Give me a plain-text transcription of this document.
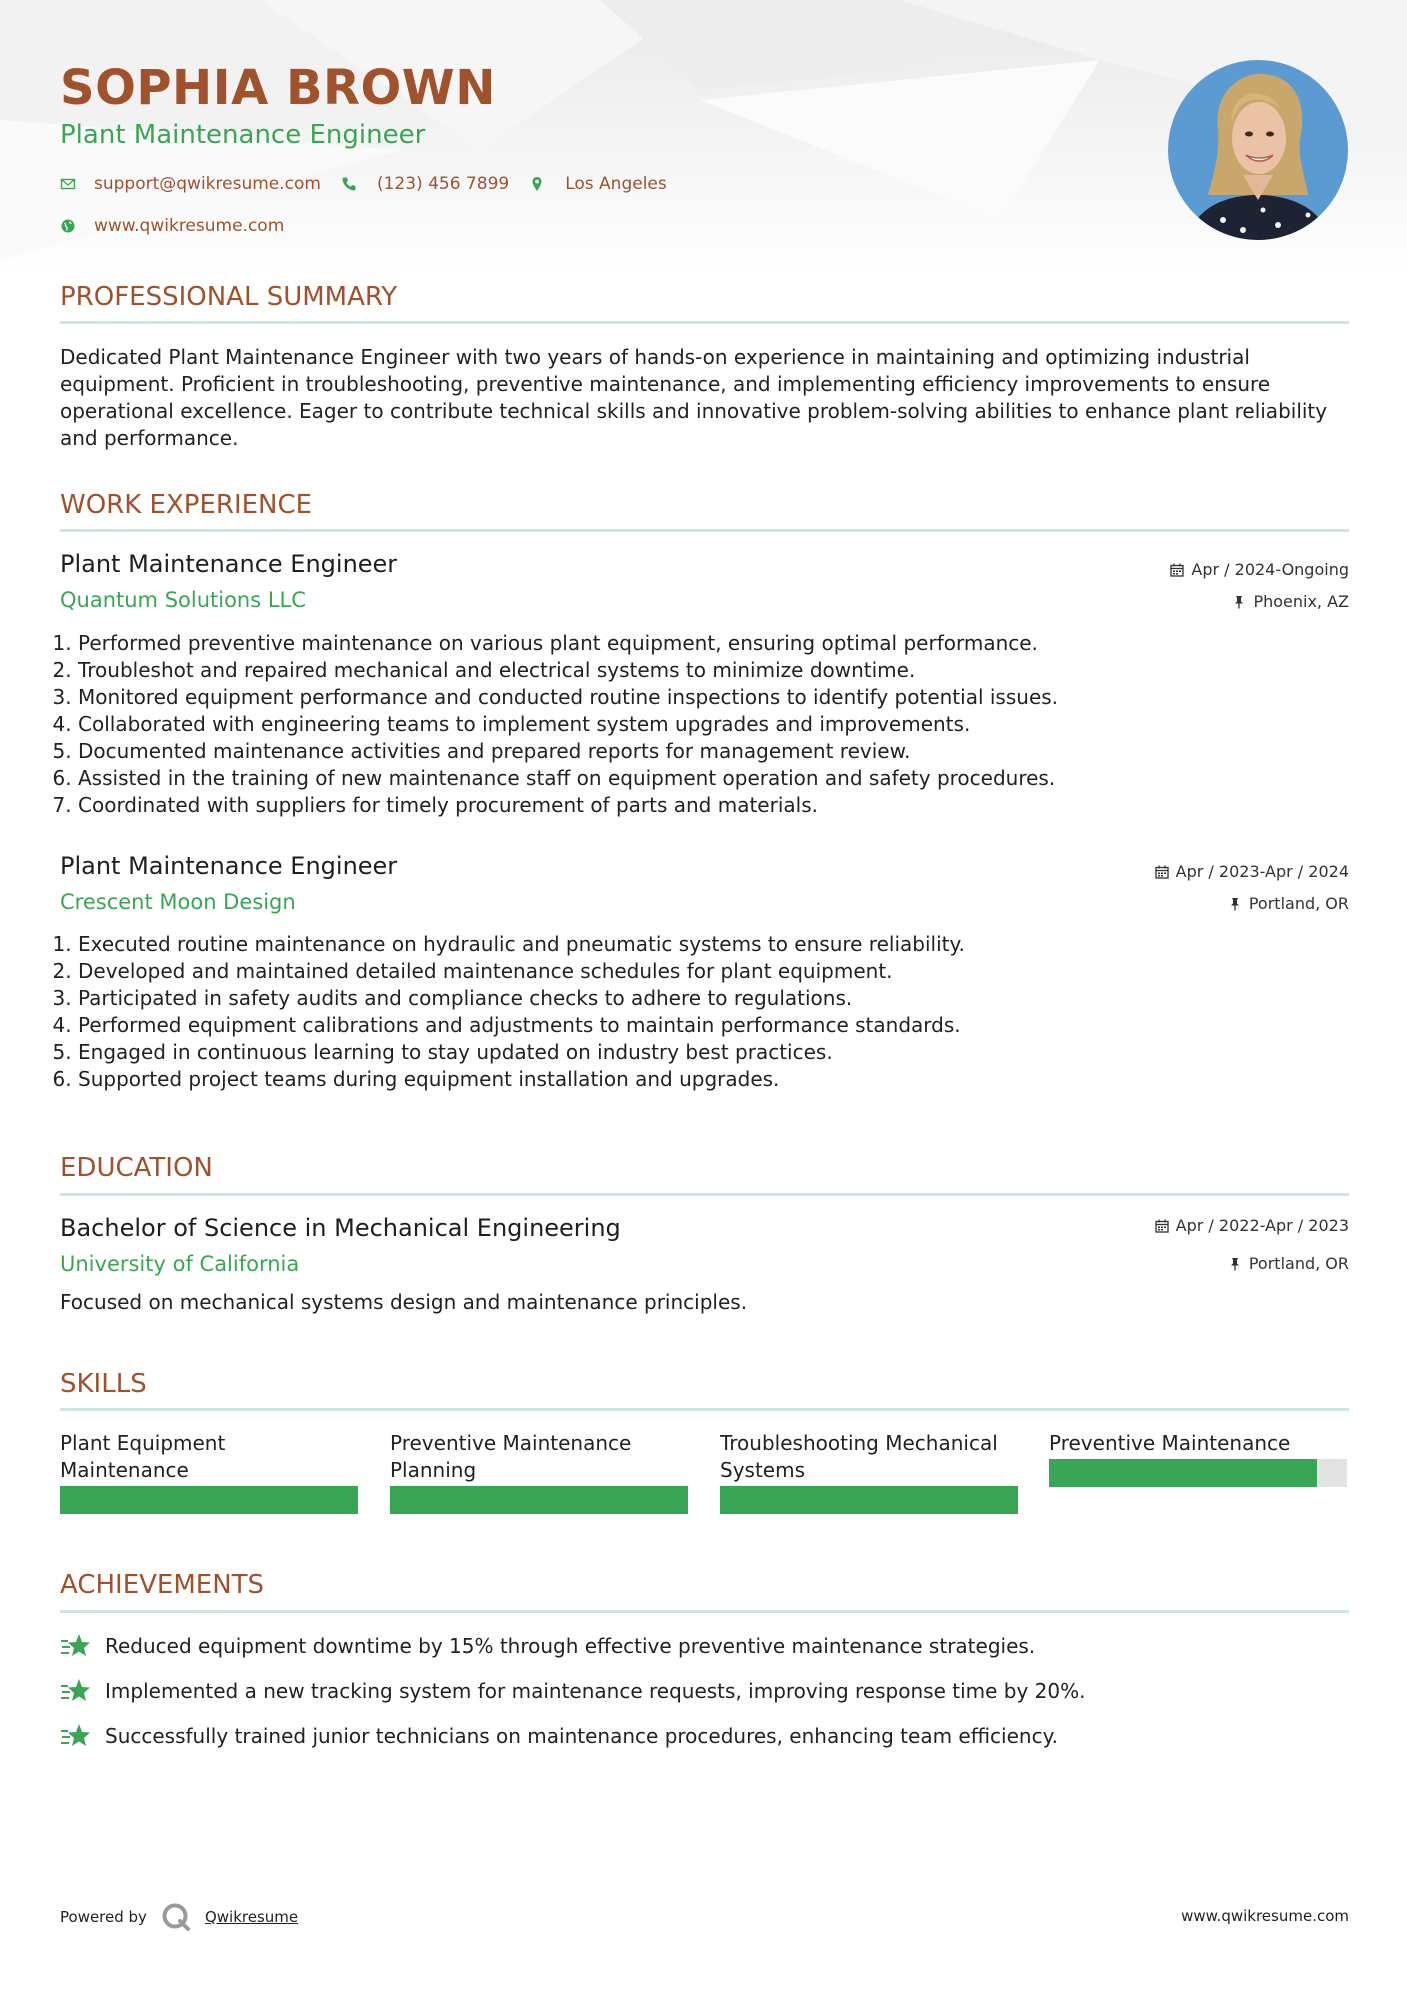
SOPHIA BROWN
Plant Maintenance Engineer
support@qwikresume.com	(123) 456 7899	Los Angeles
www.qwikresume.com
PROFESSIONAL SUMMARY
Dedicated Plant Maintenance Engineer with two years of hands-on experience in maintaining and optimizing industrial equipment. Proficient in troubleshooting, preventive maintenance, and implementing efficiency improvements to ensure operational excellence. Eager to contribute technical skills and innovative problem-solving abilities to enhance plant reliability and performance.
WORK EXPERIENCE
Plant Maintenance Engineer
Quantum Solutions LLC
Apr / 2024-Ongoing
Phoenix, AZ
1. Performed preventive maintenance on various plant equipment, ensuring optimal performance.
2. Troubleshot and repaired mechanical and electrical systems to minimize downtime.
3. Monitored equipment performance and conducted routine inspections to identify potential issues.
4. Collaborated with engineering teams to implement system upgrades and improvements.
5. Documented maintenance activities and prepared reports for management review.
6. Assisted in the training of new maintenance staff on equipment operation and safety procedures.
7. Coordinated with suppliers for timely procurement of parts and materials.
Plant Maintenance Engineer
Crescent Moon Design
Apr / 2023-Apr / 2024
Portland, OR
1. Executed routine maintenance on hydraulic and pneumatic systems to ensure reliability.
2. Developed and maintained detailed maintenance schedules for plant equipment.
3. Participated in safety audits and compliance checks to adhere to regulations.
4. Performed equipment calibrations and adjustments to maintain performance standards.
5. Engaged in continuous learning to stay updated on industry best practices.
6. Supported project teams during equipment installation and upgrades.
EDUCATION
Bachelor of Science in Mechanical Engineering
University of California
Apr / 2022-Apr / 2023
Portland, OR
Focused on mechanical systems design and maintenance principles.
SKILLS
Plant Equipment Maintenance
Preventive Maintenance Planning
Troubleshooting Mechanical Systems
Preventive Maintenance
ACHIEVEMENTS
Reduced equipment downtime by 15% through effective preventive maintenance strategies.
Implemented a new tracking system for maintenance requests, improving response time by 20%.
Successfully trained junior technicians on maintenance procedures, enhancing team efficiency.
Powered by	Qwikresume	www.qwikresume.com
